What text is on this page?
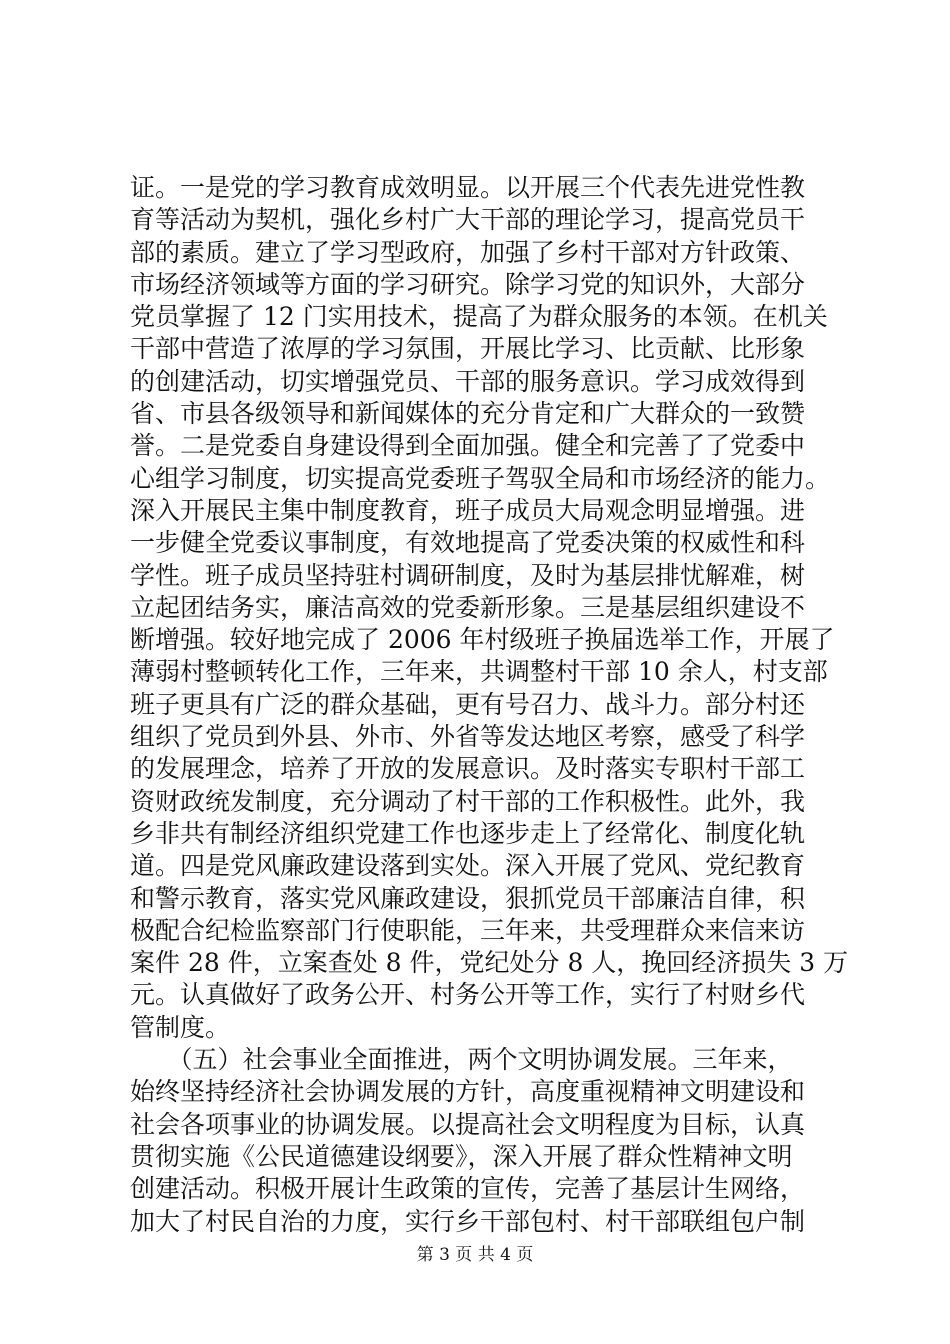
证。一是党的学习教育成效明显。以开展三个代表先进党性教
育等活动为契机，强化乡村广大干部的理论学习，提高党员干
部的素质。建立了学习型政府，加强了乡村干部对方针政策、
市场经济领域等方面的学习研究。除学习党的知识外，大部分
党员掌握了 12 门实用技术，提高了为群众服务的本领。在机关
干部中营造了浓厚的学习氛围，开展比学习、比贡献、比形象
的创建活动，切实增强党员、干部的服务意识。学习成效得到
省、市县各级领导和新闻媒体的充分肯定和广大群众的一致赞
誉。二是党委自身建设得到全面加强。健全和完善了了党委中
心组学习制度，切实提高党委班子驾驭全局和市场经济的能力。
深入开展民主集中制度教育，班子成员大局观念明显增强。进
一步健全党委议事制度，有效地提高了党委决策的权威性和科
学性。班子成员坚持驻村调研制度，及时为基层排忧解难，树
立起团结务实，廉洁高效的党委新形象。三是基层组织建设不
断增强。较好地完成了 2006 年村级班子换届选举工作，开展了
薄弱村整顿转化工作，三年来，共调整村干部 10 余人，村支部
班子更具有广泛的群众基础，更有号召力、战斗力。部分村还
组织了党员到外县、外市、外省等发达地区考察，感受了科学
的发展理念，培养了开放的发展意识。及时落实专职村干部工
资财政统发制度，充分调动了村干部的工作积极性。此外，我
乡非共有制经济组织党建工作也逐步走上了经常化、制度化轨
道。四是党风廉政建设落到实处。深入开展了党风、党纪教育
和警示教育，落实党风廉政建设，狠抓党员干部廉洁自律，积
极配合纪检监察部门行使职能，三年来，共受理群众来信来访
案件 28 件，立案查处 8 件，党纪处分 8 人，挽回经济损失 3 万
元。认真做好了政务公开、村务公开等工作，实行了村财乡代
管制度。
　　（五）社会事业全面推进，两个文明协调发展。三年来，
始终坚持经济社会协调发展的方针，高度重视精神文明建设和
社会各项事业的协调发展。以提高社会文明程度为目标，认真
贯彻实施《公民道德建设纲要》，深入开展了群众性精神文明
创建活动。积极开展计生政策的宣传，完善了基层计生网络，
加大了村民自治的力度，实行乡干部包村、村干部联组包户制
第 3 页 共 4 页
